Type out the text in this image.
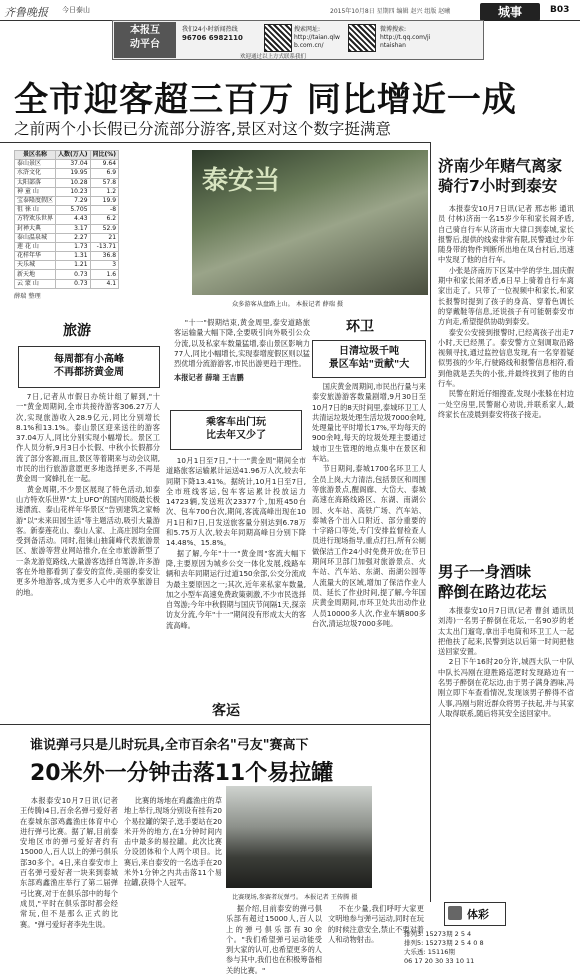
齐鲁晚报 今日泰山	2015年10月8日 星期四 编辑 赵兴 组版 赵曦	城事	B03
本报互
动平台
我们24小时新闻热线
96706 6982110
搜索网址:
http://taian.qlw
b.com.cn/
微博搜索:
http://t.qq.com/ji
ntaishan
欢迎通过以上方式联系我们
全市迎客超三百万 同比增近一成
之前两个小长假已分流部分游客,景区对这个数字挺满意
景区名称	人数(万人)	同比(%)
泰山景区	37.04	9.64
水浒文化	19.95	6.9
太阳部落	10.28	57.8
神 童 山	10.23	1.2
宝泰隆度假区	7.29	19.9
徂 徕 山	5.705	-8
方特欢乐世界	4.43	6.2
封禅大典	3.17	52.9
泰山温泉城	2.27	21
莲 花 山	1.73	-13.71
花样年华	1.31	36.8
天乐城	1.21	3
新天地	0.73	1.6
云 蒙 山	0.73	4.1
薛瑞 整理
泰安当
众多游客从盘路上山。 本报记者 薛瑞 摄

"十一"假期结束,黄金周里,泰安道路旅客运输量大幅下降,全要吸引向外吸引公众分流,以及私家车数量猛增,泰山景区影响力77人,同比小幅增长,实现泰增度假区则以猛烈优增分流游游客,市民出游更趋于理性。

本报记者 薛瑞 王吉鹏
旅游
每周都有小高峰
不再都挤黄金周

7日,记者从市假日办统计组了解到,"十一"黄金周期间,全市共接待游客306.27万人次,实现旅游收入28.9亿元,同比分别增长8.1%和13.1%。泰山景区迎来送往的游客37.04万人,同比分别实现小幅增长。景区工作人员分析,9月3日小长假、中秋小长假都分流了部分客源,而且,景区等着期来与动会议期,市民的出行旅游意愿更多地选择更多,不再是黄金周一窝蜂扎在一起。

黄金周期,不少景区展现了特色活动,如泰山方特欢乐世界"太上UFO"的国内顶级最长极速漂流、泰山花样年华景区"告别建筑之家畅游"以"未来田园生活"等主题活动,吸引大量游客。新泰莲花山、泰山人家、上高庄园均全面受到备活动。同时,徂徕山抽蒲峰代表旅游景区、旅游等营业网站推介,在全市旅游新型了一条龙游览路线,大量游客选择自驾游,许多游客在外地都看到了泰安的宣传,美丽的泰安让更多外地游客,成为更多人心中的欢享旅游目的地。

环卫
日清垃圾千吨
景区车站"贡献"大

国庆黄金周期间,市民出行量与来泰安旅游游客数量剧增,9月30日至10月7日的8天时间里,泰城环卫工人共清运垃圾处理生活垃圾7000余吨,处理量比平时增长17%,平均每天的900余吨,每天的垃圾处理主要通过城市卫生管理的地点集中在景区和车站。

节日期间,泰城1700名环卫工人全员上岗,大力清洁,包括景区和周围等旅游景点,醒阁廊、大岱大、泰城高速在海路线路区、东湖、南湖公园、火车站、高铁广场、汽车站、泰城各个出入口附近、部分重要的十字路口等处,专门安排监督检查人员进行现场指导,重点打扫,所有公厕做保洁工作24小时免费开放;在节日期间环卫部门加强对旅游景点、火车站、汽车站、东湖、南湖公园等人流量大的区域,增加了保洁作业人员、延长了作业时间,提了解,今年国庆黄金周期间,市环卫处共出动作业人员10000多人次,作业车辆800多台次,清运垃圾7000多吨。

乘客车出门玩
比去年又少了

10月1日至7日,"十一"黄金周"期间全市道路旅客运输累计运送41.96万人次,较去年同期下降13.41%。据统计,10月1日至7日,全市班线客运,包车客运累计投放运力14723辆,发送班次23377个,加班450台次、包车700台次,期间,客流高峰出现在10月1日和7日,日发送旅客量分别达到6.78万和5.75万人次,较去年同期高峰日分别下降14.48%、15.8%。

据了解,今年"十一"黄金周"客流大幅下降,主要原因为城乡公交一体化发展,线路车辆和去年同期运行过道150余部,公交分流成为最主要原因之一;其次,近年来私家车数量,加之小型车高速免费政策刺激,不少市民选择自驾游;今年中秋假期与国庆节间隔1天,探亲访友分流,今年"十一"期间没有形成太大的客流高峰。

客运
济南少年赌气离家
骑行7小时到泰安

本报泰安10月7日讯(记者 邢志彬 通讯员 付林)济南一名15岁少年和家长闹矛盾,自己骑自行车从济南市大律口到泰城,家长报警后,提供的线索非常有限,民警通过少年随身带的物件判断所出地在凤台村后,迅速中发现了他的自行车。

小张是济南历下区某中学的学生,国庆假期中和家长闹矛盾,6日早上骑着自行车离家出走了。只带了一位视频中和家长,和家长报警时提到了孩子的身高、穿着色调长的穿戴鞋等信息,还说孩子有可能朝泰安市方向走,希望提供协助到泰安。

泰安公安接到报警时,已经离孩子出走7小时,天已经黑了。泰安警方立刻调取沿路视频寻找,通过监控信息发现,有一名穿着疑似男孩的少年,行驶路线和报警信息相符,看到他就是丢失的小张,并最终找到了他的自行车。

民警在附近仔细搜查,发现小张躲在村边一处空房里,民警耐心劝说,并联系家人,最终家长在凌晨到泰安将孩子接走。

男子一身酒味
醉倒在路边花坛

本报泰安10月7日讯(记者 曹剑 通讯员 刘涛)一名男子醉倒在花坛,一名90岁的老太太出门遛弯,拿出手电筒和环卫工人一起把他扶了起来,民警到达以后第一时间把他送回家安置。

2日下午16时20分许,城西大队一中队中队长冯刚在迎胜路巡逻时发现路边有一名男子醉倒在花坛边,由于男子满身酒味,冯刚立即下车查看情况,发现该男子醉得不省人事,冯刚与附近群众将男子扶起,并与其家人取得联系,随后将其安全送回家中。

谁说弹弓只是儿时玩具,全市百余名"弓友"赛高下
20米外一分钟击落11个易拉罐

本报泰安10月7日讯(记者 王传腾)4日,百余名弹弓爱好者在泰城东部鸡鑫渔庄体育中心进行弹弓比赛。据了解,目前泰安地区市的弹弓爱好者约有15000人,百人以上的弹弓俱乐部30多个。4日,来自泰安市上百名弹弓爱好者一块来到泰城东部鸡鑫渔庄举行了第二届弹弓比赛,对于在俱乐部中的每个成员,"平时在俱乐部时都会经常玩,但不是那么正式的比赛。"弹弓爱好者李先生说。

比赛的场地在鸡鑫渔庄的草地上举行,现场分别设有挂有20个易拉罐的架子,选手要站在20米开外的地方,在1分钟时间内击中最多的易拉罐。此次比赛分设团体和个人两个项目。比赛后,来自泰安的一名选手在20米外1分钟之内共击落11个易拉罐,获得个人冠军。

比赛现场,参赛者玩弹弓。 本报记者 王传腾 摄

据介绍,目前泰安的弹弓俱乐部有超过15000人,百人以上的弹弓俱乐部有30余个。"我们希望弹弓运动能受到大家的认可,也希望更多的人参与其中,我们也在积极筹备相关的比赛。"

不在少量,我们呼吁大家更文明地参与弹弓运动,同时在玩的时候注意安全,禁止不要对着人和动物射击。

体彩
排列3: 15273期 2 5 4
排列5: 15273期 2 5 4 0 8
大乐透: 15116期
06 17 20 30 33 10 11
